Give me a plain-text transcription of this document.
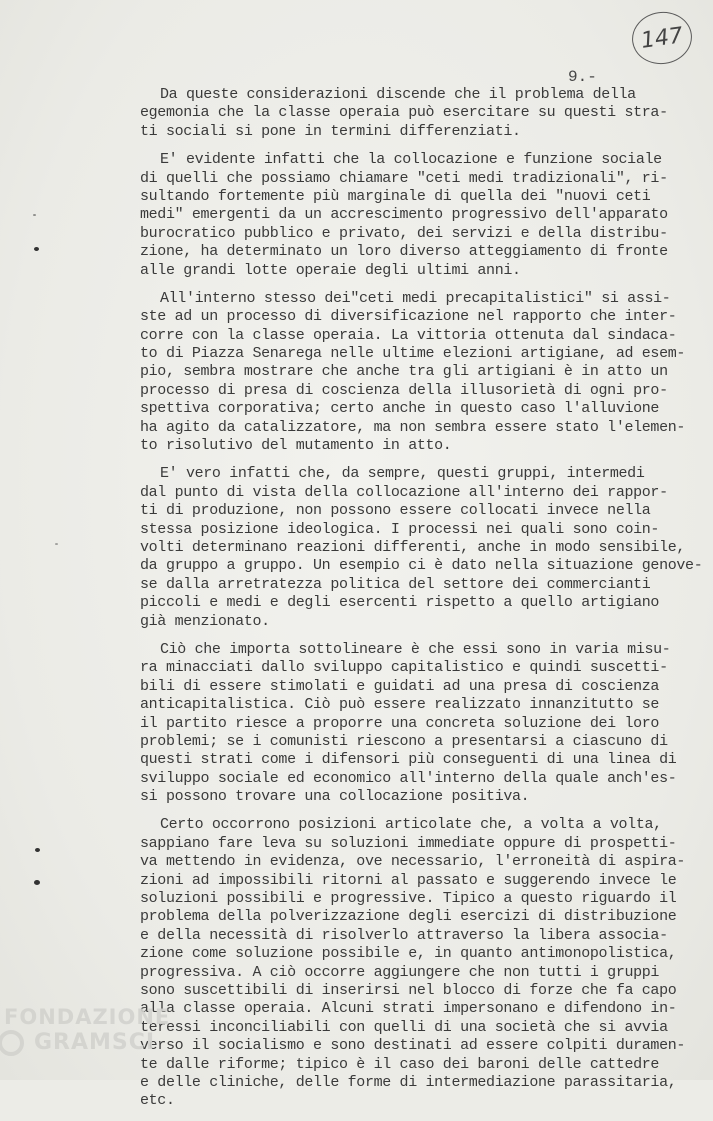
147
9.-
Da queste considerazioni discende che il problema della
egemonia che la classe operaia può esercitare su questi stra-
ti sociali si pone in termini differenziati.
E' evidente infatti che la collocazione e funzione sociale
di quelli che possiamo chiamare "ceti medi tradizionali", ri-
sultando fortemente più marginale di quella dei "nuovi ceti
medi" emergenti da un accrescimento progressivo dell'apparato
burocratico pubblico e privato, dei servizi e della distribu-
zione, ha determinato un loro diverso atteggiamento di fronte
alle grandi lotte operaie degli ultimi anni.
All'interno stesso dei"ceti medi precapitalistici" si assi-
ste ad un processo di diversificazione nel rapporto che inter-
corre con la classe operaia. La vittoria ottenuta dal sindaca-
to di Piazza Senarega nelle ultime elezioni artigiane, ad esem-
pio, sembra mostrare che anche tra gli artigiani è in atto un
processo di presa di coscienza della illusorietà di ogni pro-
spettiva corporativa; certo anche in questo caso l'alluvione
ha agito da catalizzatore, ma non sembra essere stato l'elemen-
to risolutivo del mutamento in atto.
E' vero infatti che, da sempre, questi gruppi, intermedi
dal punto di vista della collocazione all'interno dei rappor-
ti di produzione, non possono essere collocati invece nella
stessa posizione ideologica. I processi nei quali sono coin-
volti determinano reazioni differenti, anche in modo sensibile,
da gruppo a gruppo. Un esempio ci è dato nella situazione genove-
se dalla arretratezza politica del settore dei commercianti
piccoli e medi e degli esercenti rispetto a quello artigiano
già menzionato.
Ciò che importa sottolineare è che essi sono in varia misu-
ra minacciati dallo sviluppo capitalistico e quindi suscetti-
bili di essere stimolati e guidati ad una presa di coscienza
anticapitalistica. Ciò può essere realizzato innanzitutto se
il partito riesce a proporre una concreta soluzione dei loro
problemi; se i comunisti riescono a presentarsi a ciascuno di
questi strati come i difensori più conseguenti di una linea di
sviluppo sociale ed economico all'interno della quale anch'es-
si possono trovare una collocazione positiva.
Certo occorrono posizioni articolate che, a volta a volta,
sappiano fare leva su soluzioni immediate oppure di prospetti-
va mettendo in evidenza, ove necessario, l'erroneità di aspira-
zioni ad impossibili ritorni al passato e suggerendo invece le
soluzioni possibili e progressive. Tipico a questo riguardo il
problema della polverizzazione degli esercizi di distribuzione
e della necessità di risolverlo attraverso la libera associa-
zione come soluzione possibile e, in quanto antimonopolistica,
progressiva. A ciò occorre aggiungere che non tutti i gruppi
sono suscettibili di inserirsi nel blocco di forze che fa capo
alla classe operaia. Alcuni strati impersonano e difendono in-
teressi inconciliabili con quelli di una società che si avvia
verso il socialismo e sono destinati ad essere colpiti duramen-
te dalle riforme; tipico è il caso dei baroni delle cattedre
e delle cliniche, delle forme di intermediazione parassitaria,
etc.
FONDAZIONE
GRAMSCI
